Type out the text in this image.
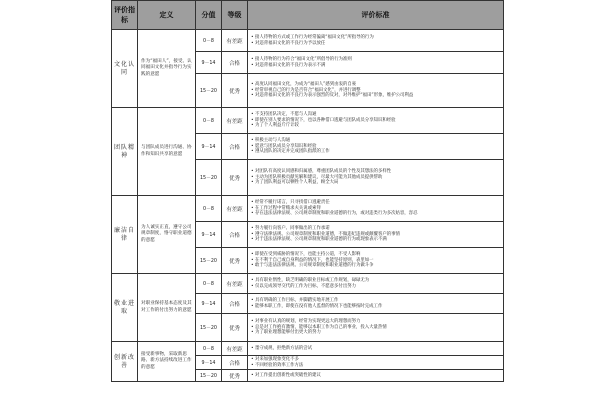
评价指标	定义	分值	等级	评价标准
文化认同	作为“福田人”，接受、认同福田文化并指导行为实践的意愿	0－8	有差距	• 接人待物的方式或工作行为经常偏离“福田文化”所指导的行为
• 对违背福田文化的不良行为予以放任

		9－14	合格	• 接人待物的行为符合“福田文化”所倡导的行为准则
• 对违背福田文化的不良行为表示不满

		15－20	优秀	• 高度认同福田文化，为成为“福田人”感到由衷的自豪
• 经常审视自己的行为是否符合“福田文化”，并进行调整
• 对违背福田文化的不良行为表示强烈的反对，对外维护“福田”形象，维护公司利益

团队精神	与团队成员进行沟通、协作和知识共享的意愿	0－8	有差距	• 不支持团队决定，不愿与人沟通
• 即使在别人要求的情况下，也以各种借口逃避与团队成员分享知识和经验
• 为了个人利益斤斤计较

		9－14	合格	• 积极主动与人沟通
• 愿意与团队成员分享知识和经验
• 遵从团队的决定并完成团队指派的工作

		15－20	优秀	• 对团队有高度认同感和归属感，尊重团队成员的个性及其想法的多样性
• 主动为团队积极贡献见解和建议，尽最大可能为其他成员提供帮助
• 为了团队利益可以牺牲个人利益，顾全大局

廉洁自律	为人诚实正直，遵守公司规章制度，恪守职业道德的意愿	0－8	有差距	• 经常不履行诺言，只寻找借口逃避责任
• 在工作过程中常贿求夫关说或索拜
• 存在违法法律法规、公司规章制度和职业道德的行为，或对违类行为多次姑容，容忍

		9－14	合格	• 努力履行向客户、同事做出的工作承诺
• 遵守法律法规、公司规章制度和职业道德，不做违纪违规或颠覆客户的事情
• 对于违法法律法规、公司规章制度和职业道德的行为或现象表示不满

		15－20	优秀	• 即使在受到威胁的情况下，也能主持公道，不受人影响
• 在不利于自己或自身利益的情况下，也能坚持原则，表里如一
• 敢于与违法法律法规、公司规章制度和职业道德的行为做斗争

敬业进取	对职业保持基本态度及其对工作的付出努力的意愿	0－8	有差距	• 具有职业惰性，缺乏明确的职业目标或工作规划，碌碌无为
• 仅以完成领导交代的工作为目标，不愿意多付出努力

		9－14	合格	• 具有明确的工作目标，并脚踏实地开展工作
• 能够本职工作，即使在没有他人监督的情况下也能够按时完成工作

		15－20	优秀	• 对事业有认真的规划，经常为实现更远大的理想而努力
• 总是对工作抱有激情，能够以本职工作为自己的事业，投入大量热情
• 为了职业理想能够付出更大的努力

创新改善	接受新事物，采取新思路、新方法持续改进工作的意愿	0－8	有差距	• 墨守成规，拒绝新方法的尝试

		9－14	合格	• 对来加强现象变化不多
• 不回经验的效率工作方法

		15－20	优秀	• 对工作提出创新性或突破性的建议
